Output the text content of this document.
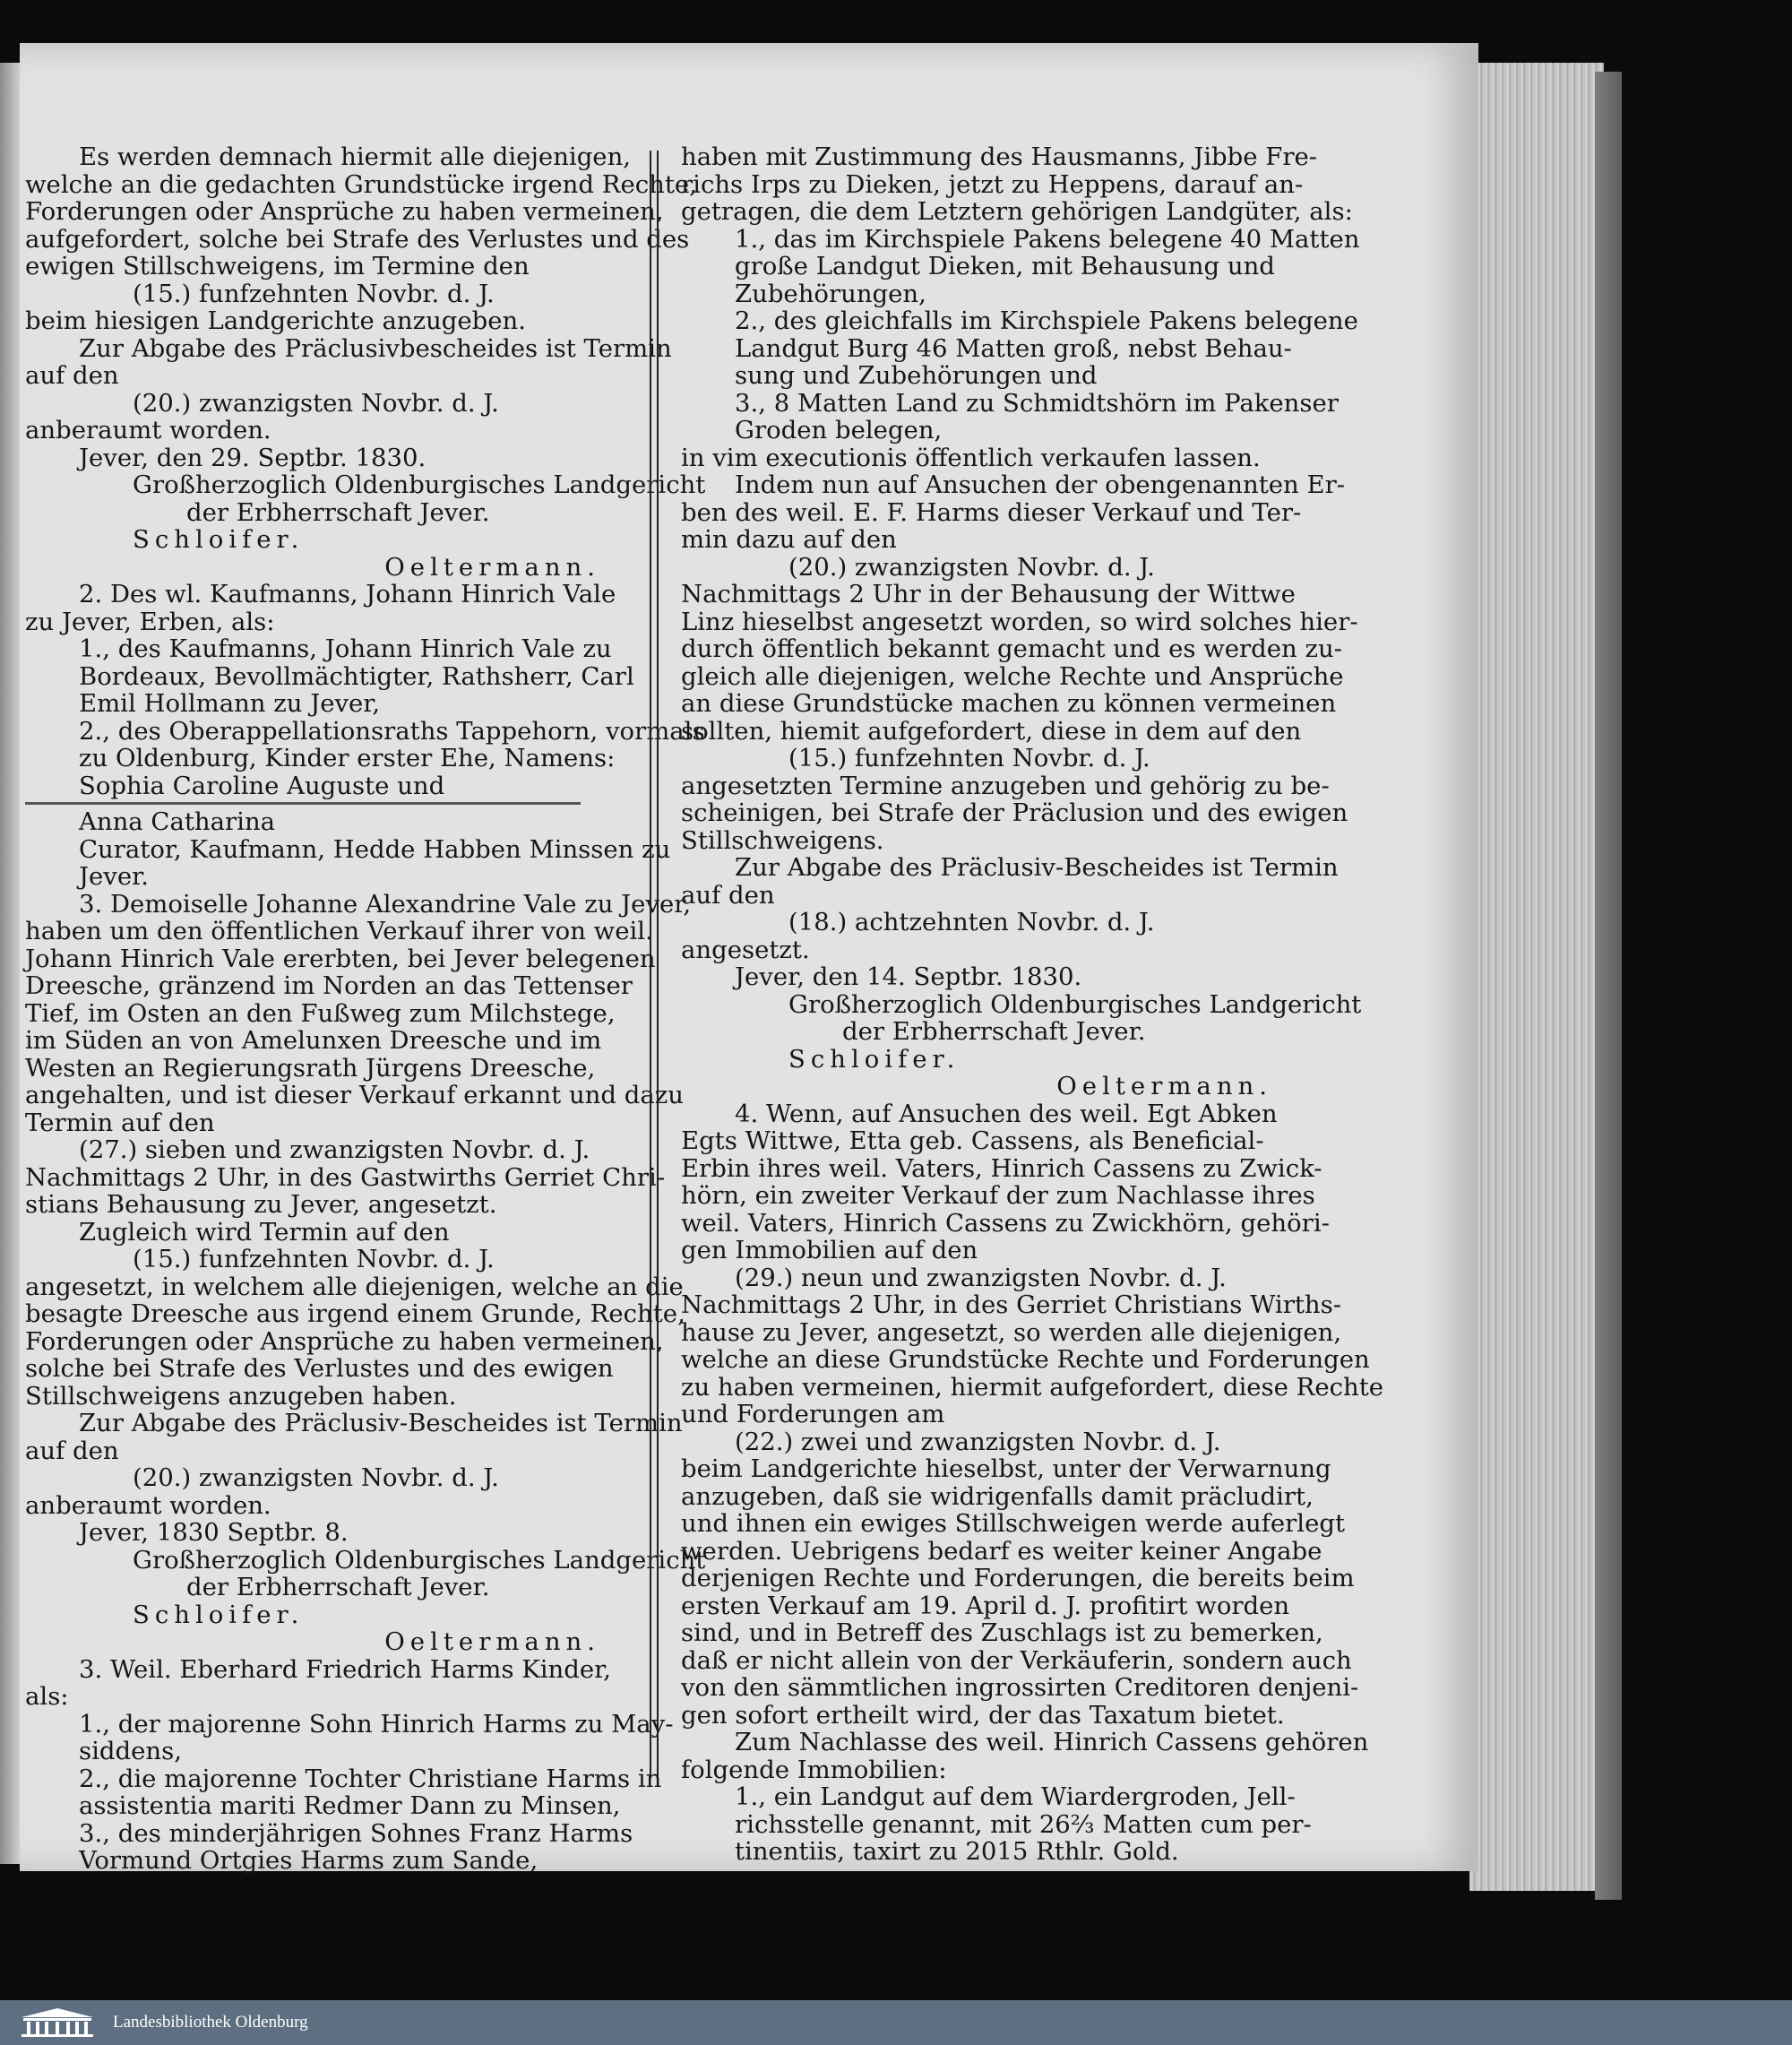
Es werden demnach hiermit alle diejenigen,

welche an die gedachten Grundstücke irgend Rechte,

Forderungen oder Ansprüche zu haben vermeinen,

aufgefordert, solche bei Strafe des Verlustes und des

ewigen Stillschweigens, im Termine den

(15.) funfzehnten Novbr. d. J.

beim hiesigen Landgerichte anzugeben.

Zur Abgabe des Präclusivbescheides ist Termin

auf den

(20.) zwanzigsten Novbr. d. J.

anberaumt worden.

Jever, den 29. Septbr. 1830.

Großherzoglich Oldenburgisches Landgericht

der Erbherrschaft Jever.

Schloifer.

Oeltermann.

2. Des wl. Kaufmanns, Johann Hinrich Vale

zu Jever, Erben, als:

1., des Kaufmanns, Johann Hinrich Vale zu

Bordeaux, Bevollmächtigter, Rathsherr, Carl

Emil Hollmann zu Jever,

2., des Oberappellationsraths Tappehorn, vormals

zu Oldenburg, Kinder erster Ehe, Namens:

Sophia Caroline Auguste und

Anna Catharina

Curator, Kaufmann, Hedde Habben Minssen zu

Jever.

3. Demoiselle Johanne Alexandrine Vale zu Jever,

haben um den öffentlichen Verkauf ihrer von weil.

Johann Hinrich Vale ererbten, bei Jever belegenen

Dreesche, gränzend im Norden an das Tettenser

Tief, im Osten an den Fußweg zum Milchstege,

im Süden an von Amelunxen Dreesche und im

Westen an Regierungsrath Jürgens Dreesche,

angehalten, und ist dieser Verkauf erkannt und dazu

Termin auf den

(27.) sieben und zwanzigsten Novbr. d. J.

Nachmittags 2 Uhr, in des Gastwirths Gerriet Chri-

stians Behausung zu Jever, angesetzt.

Zugleich wird Termin auf den

(15.) funfzehnten Novbr. d. J.

angesetzt, in welchem alle diejenigen, welche an die

besagte Dreesche aus irgend einem Grunde, Rechte,

Forderungen oder Ansprüche zu haben vermeinen,

solche bei Strafe des Verlustes und des ewigen

Stillschweigens anzugeben haben.

Zur Abgabe des Präclusiv-Bescheides ist Termin

auf den

(20.) zwanzigsten Novbr. d. J.

anberaumt worden.

Jever, 1830 Septbr. 8.

Großherzoglich Oldenburgisches Landgericht

der Erbherrschaft Jever.

Schloifer.

Oeltermann.

3. Weil. Eberhard Friedrich Harms Kinder,

als:

1., der majorenne Sohn Hinrich Harms zu May-

siddens,

2., die majorenne Tochter Christiane Harms in

assistentia mariti Redmer Dann zu Minsen,

3., des minderjährigen Sohnes Franz Harms

Vormund Ortgies Harms zum Sande,

haben mit Zustimmung des Hausmanns, Jibbe Fre-

richs Irps zu Dieken, jetzt zu Heppens, darauf an-

getragen, die dem Letztern gehörigen Landgüter, als:

1., das im Kirchspiele Pakens belegene 40 Matten

große Landgut Dieken, mit Behausung und

Zubehörungen,

2., des gleichfalls im Kirchspiele Pakens belegene

Landgut Burg 46 Matten groß, nebst Behau-

sung und Zubehörungen und

3., 8 Matten Land zu Schmidtshörn im Pakenser

Groden belegen,

in vim executionis öffentlich verkaufen lassen.

Indem nun auf Ansuchen der obengenannten Er-

ben des weil. E. F. Harms dieser Verkauf und Ter-

min dazu auf den

(20.) zwanzigsten Novbr. d. J.

Nachmittags 2 Uhr in der Behausung der Wittwe

Linz hieselbst angesetzt worden, so wird solches hier-

durch öffentlich bekannt gemacht und es werden zu-

gleich alle diejenigen, welche Rechte und Ansprüche

an diese Grundstücke machen zu können vermeinen

sollten, hiemit aufgefordert, diese in dem auf den

(15.) funfzehnten Novbr. d. J.

angesetzten Termine anzugeben und gehörig zu be-

scheinigen, bei Strafe der Präclusion und des ewigen

Stillschweigens.

Zur Abgabe des Präclusiv-Bescheides ist Termin

auf den

(18.) achtzehnten Novbr. d. J.

angesetzt.

Jever, den 14. Septbr. 1830.

Großherzoglich Oldenburgisches Landgericht

der Erbherrschaft Jever.

Schloifer.

Oeltermann.

4. Wenn, auf Ansuchen des weil. Egt Abken

Egts Wittwe, Etta geb. Cassens, als Beneficial-

Erbin ihres weil. Vaters, Hinrich Cassens zu Zwick-

hörn, ein zweiter Verkauf der zum Nachlasse ihres

weil. Vaters, Hinrich Cassens zu Zwickhörn, gehöri-

gen Immobilien auf den

(29.) neun und zwanzigsten Novbr. d. J.

Nachmittags 2 Uhr, in des Gerriet Christians Wirths-

hause zu Jever, angesetzt, so werden alle diejenigen,

welche an diese Grundstücke Rechte und Forderungen

zu haben vermeinen, hiermit aufgefordert, diese Rechte

und Forderungen am

(22.) zwei und zwanzigsten Novbr. d. J.

beim Landgerichte hieselbst, unter der Verwarnung

anzugeben, daß sie widrigenfalls damit präcludirt,

und ihnen ein ewiges Stillschweigen werde auferlegt

werden. Uebrigens bedarf es weiter keiner Angabe

derjenigen Rechte und Forderungen, die bereits beim

ersten Verkauf am 19. April d. J. profitirt worden

sind, und in Betreff des Zuschlags ist zu bemerken,

daß er nicht allein von der Verkäuferin, sondern auch

von den sämmtlichen ingrossirten Creditoren denjeni-

gen sofort ertheilt wird, der das Taxatum bietet.

Zum Nachlasse des weil. Hinrich Cassens gehören

folgende Immobilien:

1., ein Landgut auf dem Wiardergroden, Jell-

richsstelle genannt, mit 26⅔ Matten cum per-

tinentiis, taxirt zu 2015 Rthlr. Gold.

Landesbibliothek Oldenburg
